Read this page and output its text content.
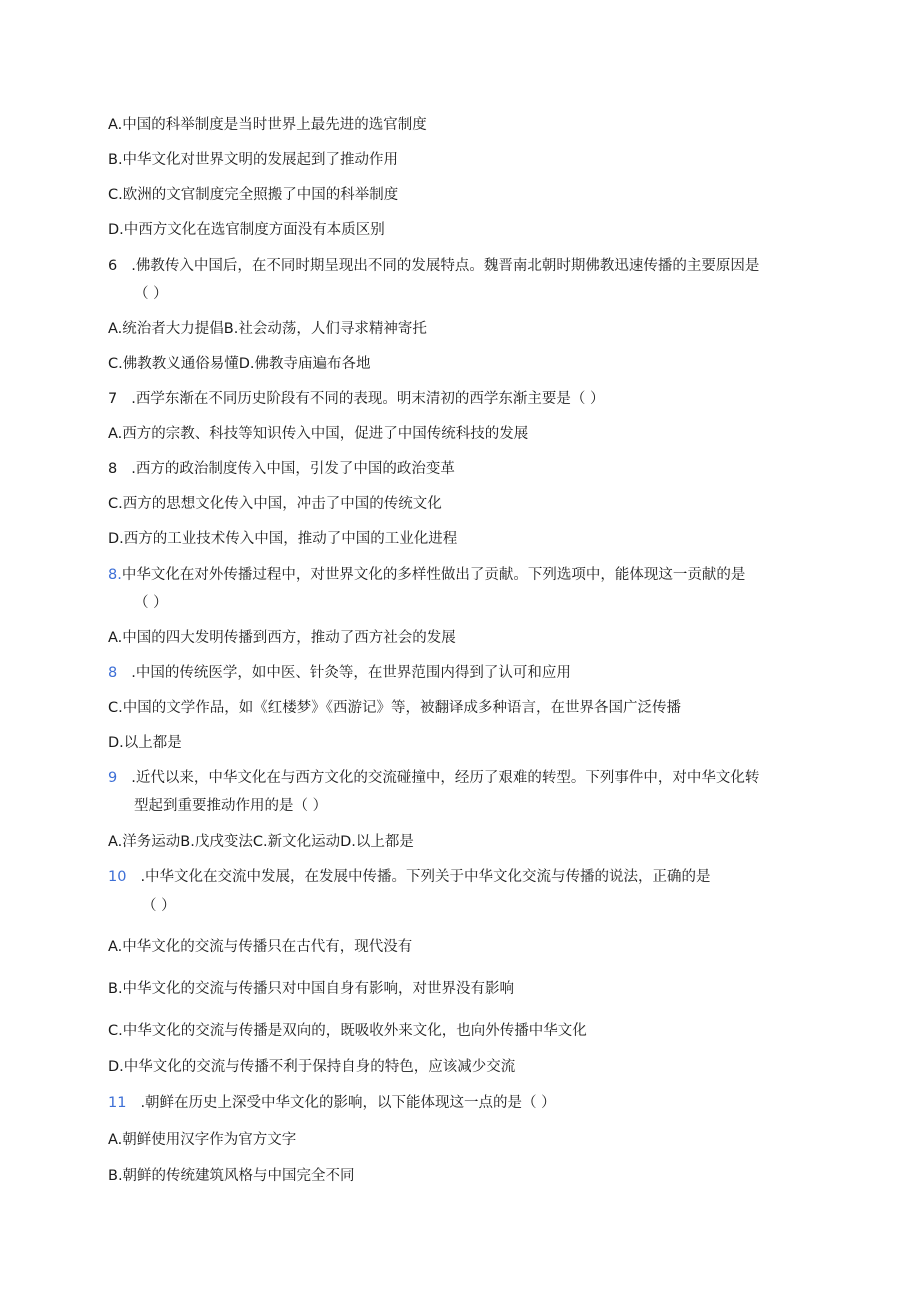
A.中国的科举制度是当时世界上最先进的选官制度
B.中华文化对世界文明的发展起到了推动作用
C.欧洲的文官制度完全照搬了中国的科举制度
D.中西方文化在选官制度方面没有本质区别
6 .佛教传入中国后，在不同时期呈现出不同的发展特点。魏晋南北朝时期佛教迅速传播的主要原因是
（ ）
A.统治者大力提倡B.社会动荡，人们寻求精神寄托
C.佛教教义通俗易懂D.佛教寺庙遍布各地
7 .西学东渐在不同历史阶段有不同的表现。明末清初的西学东渐主要是（ ）
A.西方的宗教、科技等知识传入中国，促进了中国传统科技的发展
8 .西方的政治制度传入中国，引发了中国的政治变革
C.西方的思想文化传入中国，冲击了中国的传统文化
D.西方的工业技术传入中国，推动了中国的工业化进程
8.中华文化在对外传播过程中，对世界文化的多样性做出了贡献。下列选项中，能体现这一贡献的是
（ ）
A.中国的四大发明传播到西方，推动了西方社会的发展
8 .中国的传统医学，如中医、针灸等，在世界范围内得到了认可和应用
C.中国的文学作品，如《红楼梦》《西游记》等，被翻译成多种语言，在世界各国广泛传播
D.以上都是
9 .近代以来，中华文化在与西方文化的交流碰撞中，经历了艰难的转型。下列事件中，对中华文化转
型起到重要推动作用的是（ ）
A.洋务运动B.戊戌变法C.新文化运动D.以上都是
10 .中华文化在交流中发展，在发展中传播。下列关于中华文化交流与传播的说法，正确的是
（ ）
A.中华文化的交流与传播只在古代有，现代没有
B.中华文化的交流与传播只对中国自身有影响，对世界没有影响
C.中华文化的交流与传播是双向的，既吸收外来文化，也向外传播中华文化
D.中华文化的交流与传播不利于保持自身的特色，应该减少交流
11 .朝鲜在历史上深受中华文化的影响，以下能体现这一点的是（ ）
A.朝鲜使用汉字作为官方文字
B.朝鲜的传统建筑风格与中国完全不同
